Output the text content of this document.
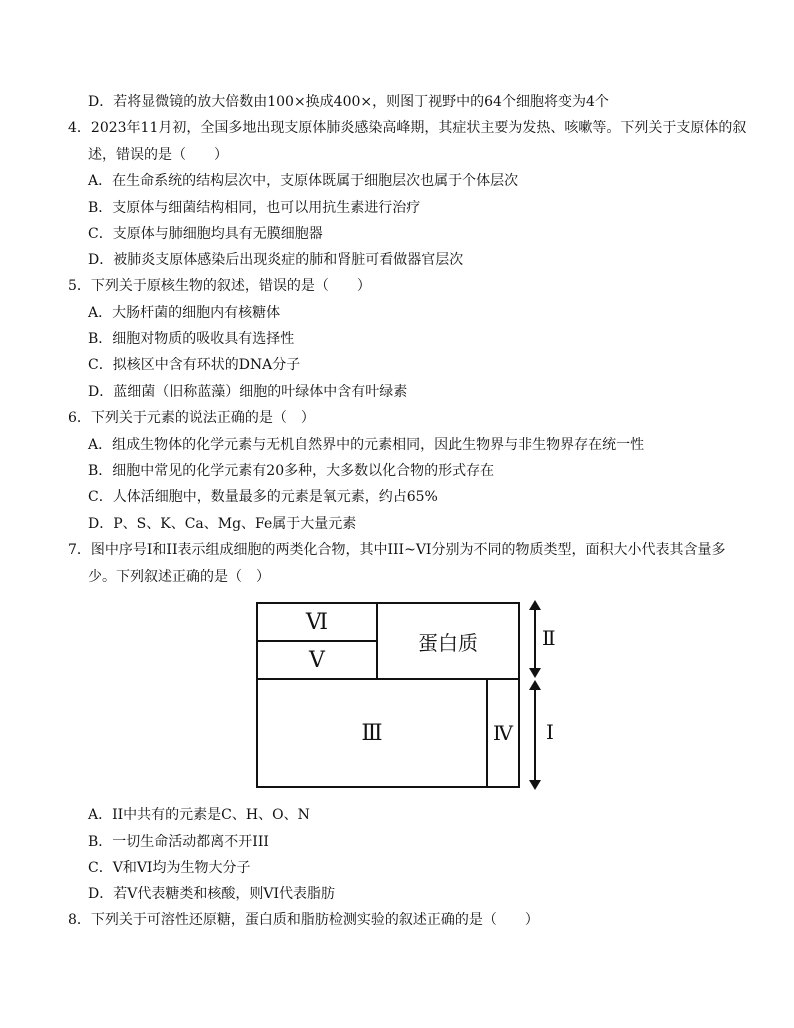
D．若将显微镜的放大倍数由100×换成400×，则图丁视野中的64个细胞将变为4个
4．2023年11月初，全国多地出现支原体肺炎感染高峰期，其症状主要为发热、咳嗽等。下列关于支原体的叙
述，错误的是（　　）
A．在生命系统的结构层次中，支原体既属于细胞层次也属于个体层次
B．支原体与细菌结构相同，也可以用抗生素进行治疗
C．支原体与肺细胞均具有无膜细胞器
D．被肺炎支原体感染后出现炎症的肺和肾脏可看做器官层次
5．下列关于原核生物的叙述，错误的是（　　）
A．大肠杆菌的细胞内有核糖体
B．细胞对物质的吸收具有选择性
C．拟核区中含有环状的DNA分子
D．蓝细菌（旧称蓝藻）细胞的叶绿体中含有叶绿素
6．下列关于元素的说法正确的是（　）
A．组成生物体的化学元素与无机自然界中的元素相同，因此生物界与非生物界存在统一性
B．细胞中常见的化学元素有20多种，大多数以化合物的形式存在
C．人体活细胞中，数量最多的元素是氧元素，约占65%
D．P、S、K、Ca、Mg、Fe属于大量元素
7．图中序号I和II表示组成细胞的两类化合物，其中III~VI分别为不同的物质类型，面积大小代表其含量多
少。下列叙述正确的是（　）
Ⅵ
Ⅴ
蛋白质
Ⅲ	Ⅳ
Ⅱ
Ⅰ
A．II中共有的元素是C、H、O、N
B．一切生命活动都离不开III
C．V和VI均为生物大分子
D．若V代表糖类和核酸，则VI代表脂肪
8．下列关于可溶性还原糖，蛋白质和脂肪检测实验的叙述正确的是（　　）
